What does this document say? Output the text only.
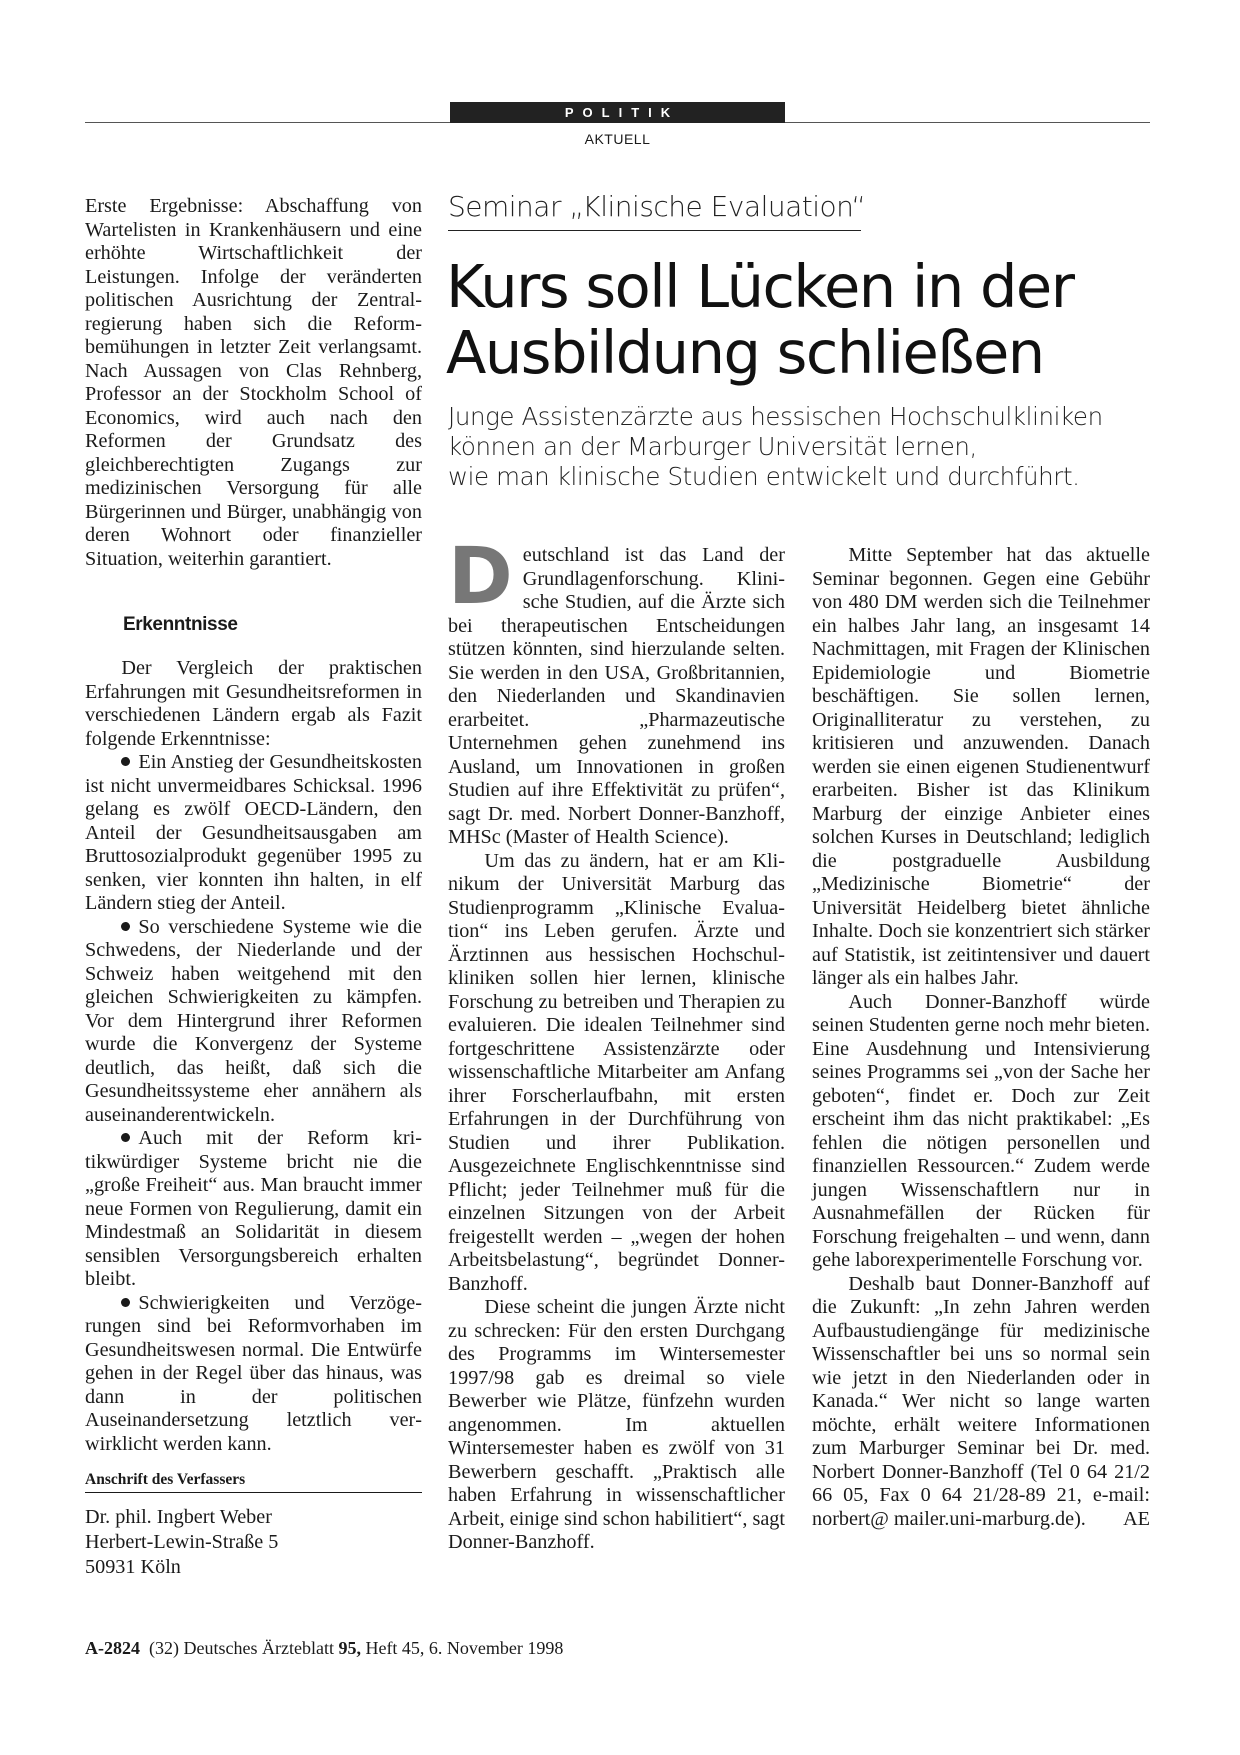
POLITIK
AKTUELL

Erste Ergebnisse: Abschaffung von Wartelisten in Krankenhäusern und eine erhöhte Wirtschaftlichkeit der Leistungen. Infolge der veränderten politischen Ausrichtung der Zentralregierung haben sich die Reformbemühungen in letzter Zeit verlangsamt. Nach Aussagen von Clas Rehnberg, Professor an der Stockholm School of Economics, wird auch nach den Reformen der Grundsatz des gleichberechtigten Zugangs zur medizinischen Versorgung für alle Bürgerinnen und Bürger, unabhängig von deren Wohnort oder finanzieller Situation, weiterhin garantiert.

Erkenntnisse

Der Vergleich der praktischen Erfahrungen mit Gesundheitsreformen in verschiedenen Ländern ergab als Fazit folgende Erkenntnisse:

Ein Anstieg der Gesundheitskosten ist nicht unvermeidbares Schicksal. 1996 gelang es zwölf OECD-Ländern, den Anteil der Gesundheitsausgaben am Bruttosozialprodukt gegenüber 1995 zu senken, vier konnten ihn halten, in elf Ländern stieg der Anteil.

So verschiedene Systeme wie die Schwedens, der Niederlande und der Schweiz haben weitgehend mit den gleichen Schwierigkeiten zu kämpfen. Vor dem Hintergrund ihrer Reformen wurde die Konvergenz der Systeme deutlich, das heißt, daß sich die Gesundheitssysteme eher annähern als auseinanderentwickeln.

Auch mit der Reform kritikwürdiger Systeme bricht nie die „große Freiheit“ aus. Man braucht immer neue Formen von Regulierung, damit ein Mindestmaß an Solidarität in diesem sensiblen Versorgungsbereich erhalten bleibt.

Schwierigkeiten und Verzögerungen sind bei Reformvorhaben im Gesundheitswesen normal. Die Entwürfe gehen in der Regel über das hinaus, was dann in der politischen Auseinandersetzung letztlich verwirklicht werden kann.

Anschrift des Verfassers

Dr. phil. Ingbert Weber

Herbert-Lewin-Straße 5

50931 Köln

Seminar „Klinische Evaluation“
Kurs soll Lücken in der
Ausbildung schließen
Junge Assistenzärzte aus hessischen Hochschulkliniken
können an der Marburger Universität lernen,
wie man klinische Studien entwickelt und durchführt.

Deutschland ist das Land der Grundlagenforschung. Klinische Studien, auf die Ärzte sich bei therapeutischen Entscheidungen stützen könnten, sind hierzulande selten. Sie werden in den USA, Großbritannien, den Niederlanden und Skandinavien erarbeitet. „Pharmazeutische Unternehmen gehen zunehmend ins Ausland, um Innovationen in großen Studien auf ihre Effektivität zu prüfen“, sagt Dr. med. Norbert Donner-Banzhoff, MHSc (Master of Health Science).

Um das zu ändern, hat er am Klinikum der Universität Marburg das Studienprogramm „Klinische Evaluation“ ins Leben gerufen. Ärzte und Ärztinnen aus hessischen Hochschulkliniken sollen hier lernen, klinische Forschung zu betreiben und Therapien zu evaluieren. Die idealen Teilnehmer sind fortgeschrittene Assistenzärzte oder wissenschaftliche Mitarbeiter am Anfang ihrer Forscherlaufbahn, mit ersten Erfahrungen in der Durchführung von Studien und ihrer Publikation. Ausgezeichnete Englischkenntnisse sind Pflicht; jeder Teilnehmer muß für die einzelnen Sitzungen von der Arbeit freigestellt werden – „wegen der hohen Arbeitsbelastung“, begründet Donner-Banzhoff.

Diese scheint die jungen Ärzte nicht zu schrecken: Für den ersten Durchgang des Programms im Wintersemester 1997/98 gab es dreimal so viele Bewerber wie Plätze, fünfzehn wurden angenommen. Im aktuellen Wintersemester haben es zwölf von 31 Bewerbern geschafft. „Praktisch alle haben Erfahrung in wissenschaftlicher Arbeit, einige sind schon habilitiert“, sagt Donner-Banzhoff.

Mitte September hat das aktuelle Seminar begonnen. Gegen eine Gebühr von 480 DM werden sich die Teilnehmer ein halbes Jahr lang, an insgesamt 14 Nachmittagen, mit Fragen der Klinischen Epidemiologie und Biometrie beschäftigen. Sie sollen lernen, Originalliteratur zu verstehen, zu kritisieren und anzuwenden. Danach werden sie einen eigenen Studienentwurf erarbeiten. Bisher ist das Klinikum Marburg der einzige Anbieter eines solchen Kurses in Deutschland; lediglich die postgraduelle Ausbildung „Medizinische Biometrie“ der Universität Heidelberg bietet ähnliche Inhalte. Doch sie konzentriert sich stärker auf Statistik, ist zeitintensiver und dauert länger als ein halbes Jahr.

Auch Donner-Banzhoff würde seinen Studenten gerne noch mehr bieten. Eine Ausdehnung und Intensivierung seines Programms sei „von der Sache her geboten“, findet er. Doch zur Zeit erscheint ihm das nicht praktikabel: „Es fehlen die nötigen personellen und finanziellen Ressourcen.“ Zudem werde jungen Wissenschaftlern nur in Ausnahmefällen der Rücken für Forschung freigehalten – und wenn, dann gehe laborexperimentelle Forschung vor.

Deshalb baut Donner-Banzhoff auf die Zukunft: „In zehn Jahren werden Aufbaustudiengänge für medizinische Wissenschaftler bei uns so normal sein wie jetzt in den Niederlanden oder in Kanada.“ Wer nicht so lange warten möchte, erhält weitere Informationen zum Marburger Seminar bei Dr. med. Norbert Donner-Banzhoff (Tel 0 64 21/2 66 05, Fax 0 64 21/28-89 21, e-mail: norbert@ mailer.uni-marburg.de).	AE

A-2824 (32) Deutsches Ärzteblatt 95, Heft 45, 6. November 1998
